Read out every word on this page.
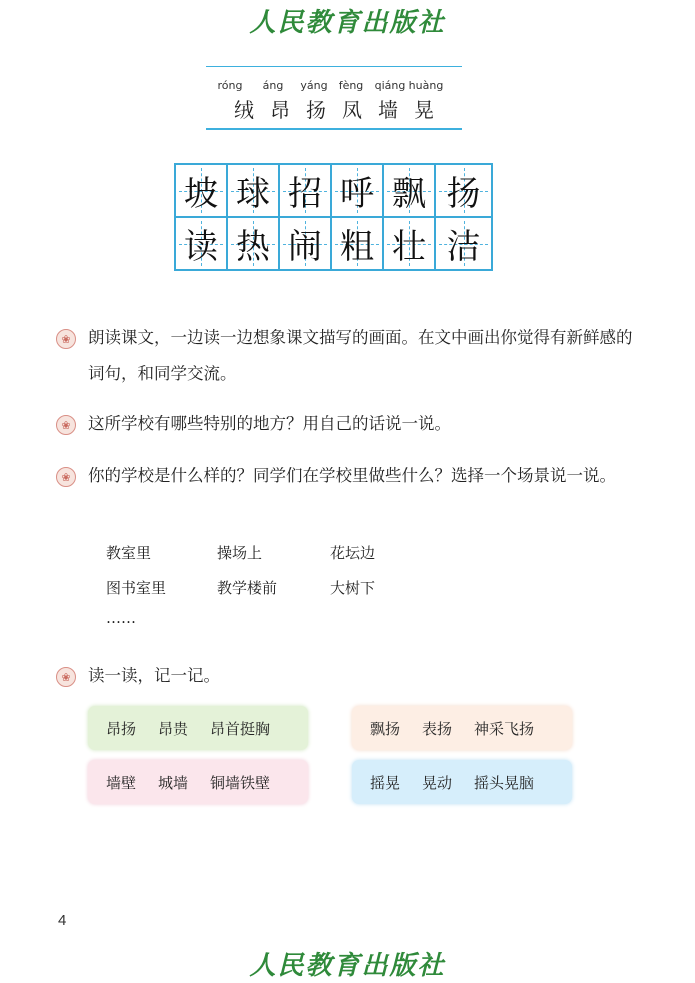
人民教育出版社
róng áng yáng fèng qiáng huàng
绒 昂 扬 凤 墙 晃
坡 球 招 呼 飘 扬
读 热 闹 粗 壮 洁
❀
朗读课文，一边读一边想象课文描写的画面。在文中画出你觉得有新鲜感的词句，和同学交流。
❀
这所学校有哪些特别的地方？用自己的话说一说。
❀
你的学校是什么样的？同学们在学校里做些什么？选择一个场景说一说。
教室里	操场上	花坛边
图书室里	教学楼前	大树下
……
❀
读一读，记一记。
昂扬 昂贵 昂首挺胸	飘扬 表扬 神采飞扬
墙壁 城墙 铜墙铁壁	摇晃 晃动 摇头晃脑
4
人民教育出版社
